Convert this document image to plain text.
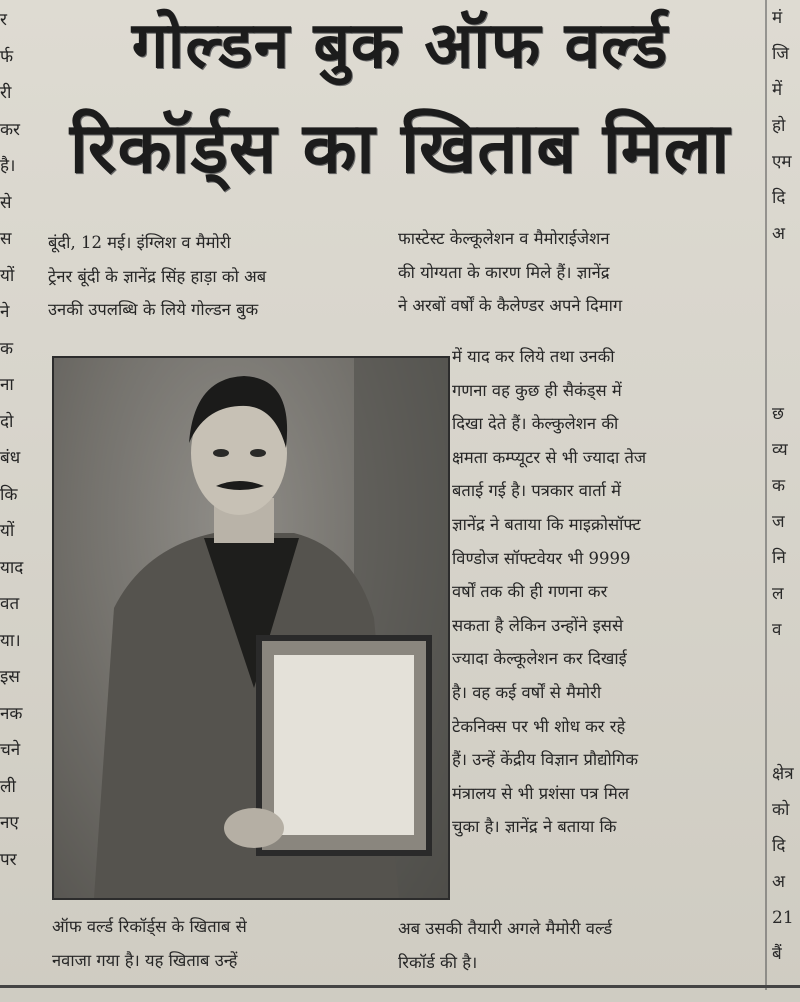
र
र्फ
री
कर
है।
से
स
यों
ने
क
ना
दो
बंध
कि
यों
याद
वत
या।
इस
नक
चने
ली
नए
पर
मं
जि
में
हो
एम
दि
अ

छ
व्य
क
ज
नि
ल
व

क्षेत्र
को
दि
अ
21
बैं
गोल्डन बुक ऑफ वर्ल्ड
रिकॉर्ड्स का खिताब मिला
बूंदी, 12 मई। इंग्लिश व मैमोरी
ट्रेनर बूंदी के ज्ञानेंद्र सिंह हाड़ा को अब
उनकी उपलब्धि के लिये गोल्डन बुक
फास्टेस्ट केल्कूलेशन व मैमोराईजेशन
की योग्यता के कारण मिले हैं। ज्ञानेंद्र
ने अरबों वर्षों के कैलेण्डर अपने दिमाग
में याद कर लिये तथा उनकी
गणना वह कुछ ही सैकंड्स में
दिखा देते हैं। केल्कुलेशन की
क्षमता कम्प्यूटर से भी ज्यादा तेज
बताई गई है। पत्रकार वार्ता में
ज्ञानेंद्र ने बताया कि माइक्रोसॉफ्ट
विण्डोज सॉफ्टवेयर भी 9999
वर्षों तक की ही गणना कर
सकता है लेकिन उन्होंने इससे
ज्यादा केल्कूलेशन कर दिखाई
है। वह कई वर्षों से मैमोरी
टेकनिक्स पर भी शोध कर रहे
हैं। उन्हें केंद्रीय विज्ञान प्रौद्योगिक
मंत्रालय से भी प्रशंसा पत्र मिल
चुका है। ज्ञानेंद्र ने बताया कि
ऑफ वर्ल्ड रिकॉर्ड्स के खिताब से
नवाजा गया है। यह खिताब उन्हें
अब उसकी तैयारी अगले मैमोरी वर्ल्ड
रिकॉर्ड की है।
